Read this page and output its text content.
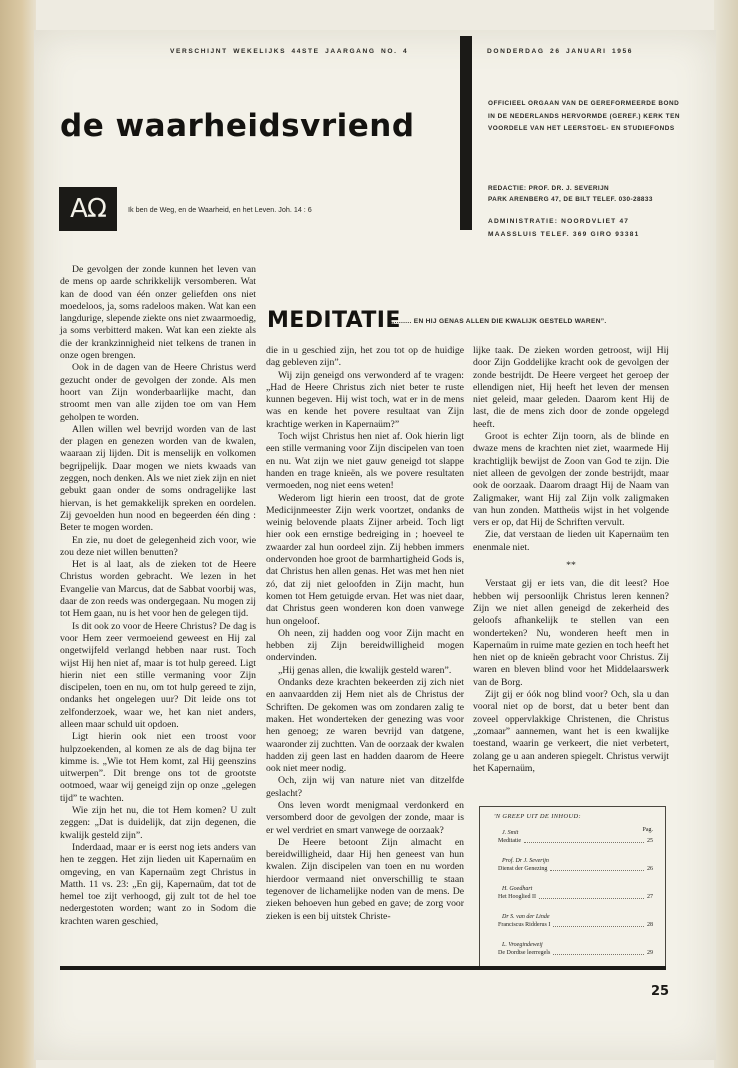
VERSCHIJNT WEKELIJKS 44STE JAARGANG NO. 4	DONDERDAG 26 JANUARI 1956
de waarheidsvriend
OFFICIEEL ORGAAN VAN DE GEREFORMEERDE BOND IN DE NEDERLANDS HERVORMDE (GEREF.) KERK TEN VOORDELE VAN HET LEERSTOEL- EN STUDIEFONDS
REDACTIE: PROF. DR. J. SEVERIJN
PARK ARENBERG 47, DE BILT TELEF. 030-28833
ADMINISTRATIE: NOORDVLIET 47
MAASSLUIS TELEF. 369 GIRO 93381
AΩ	Ik ben de Weg, en de Waarheid, en het Leven. Joh. 14 : 6
MEDITATIE
„........ EN HIJ GENAS ALLEN DIE KWALIJK GESTELD WAREN”.

De gevolgen der zonde kunnen het leven van de mens op aarde schrikkelijk versomberen. Wat kan de dood van één onzer geliefden ons niet moedeloos, ja, soms radeloos maken. Wat kan een langdurige, slepende ziekte ons niet zwaarmoedig, ja soms verbitterd maken. Wat kan een ziekte als die der krankzinnigheid niet telkens de tranen in onze ogen brengen.

Ook in de dagen van de Heere Christus werd gezucht onder de gevolgen der zonde. Als men hoort van Zijn wonderbaarlijke macht, dan stroomt men van alle zijden toe om van Hem geholpen te worden.

Allen willen wel bevrijd worden van de last der plagen en genezen worden van de kwalen, waaraan zij lijden. Dit is menselijk en volkomen begrijpelijk. Daar mogen we niets kwaads van zeggen, noch denken. Als we niet ziek zijn en niet gebukt gaan onder de soms ondragelijke last hiervan, is het gemakkelijk spreken en oordelen. Zij gevoelden hun nood en begeerden één ding : Beter te mogen worden.

En zie, nu doet de gelegenheid zich voor, wie zou deze niet willen benutten?

Het is al laat, als de zieken tot de Heere Christus worden gebracht. We lezen in het Evangelie van Marcus, dat de Sabbat voorbij was, daar de zon reeds was ondergegaan. Nu mogen zij tot Hem gaan, nu is het voor hen de gelegen tijd.

Is dit ook zo voor de Heere Christus? De dag is voor Hem zeer vermoeiend geweest en Hij zal ongetwijfeld verlangd hebben naar rust. Toch wijst Hij hen niet af, maar is tot hulp gereed. Ligt hierin niet een stille vermaning voor Zijn discipelen, toen en nu, om tot hulp gereed te zijn, ondanks het ongelegen uur? Dit leide ons tot zelfonderzoek, waar we, het kan niet anders, alleen maar schuld uit opdoen.

Ligt hierin ook niet een troost voor hulpzoekenden, al komen ze als de dag bijna ter kimme is. „Wie tot Hem komt, zal Hij geenszins uitwerpen”. Dit brenge ons tot de grootste ootmoed, waar wij geneigd zijn op onze „gelegen tijd” te wachten.

Wie zijn het nu, die tot Hem komen? U zult zeggen: „Dat is duidelijk, dat zijn degenen, die kwalijk gesteld zijn”.

Inderdaad, maar er is eerst nog iets anders van hen te zeggen. Het zijn lieden uit Kapernaüm en omgeving, en van Kapernaüm zegt Christus in Matth. 11 vs. 23: „En gij, Kapernaüm, dat tot de hemel toe zijt verhoogd, gij zult tot de hel toe nedergestoten worden; want zo in Sodom die krachten waren geschied,

die in u geschied zijn, het zou tot op de huidige dag gebleven zijn”.

Wij zijn geneigd ons verwonderd af te vragen: „Had de Heere Christus zich niet beter te ruste kunnen begeven. Hij wist toch, wat er in de mens was en kende het povere resultaat van Zijn krachtige werken in Kapernaüm?”

Toch wijst Christus hen niet af. Ook hierin ligt een stille vermaning voor Zijn discipelen van toen en nu. Wat zijn we niet gauw geneigd tot slappe handen en trage knieën, als we povere resultaten vermoeden, nog niet eens weten!

Wederom ligt hierin een troost, dat de grote Medicijnmeester Zijn werk voortzet, ondanks de weinig belovende plaats Zijner arbeid. Toch ligt hier ook een ernstige bedreiging in ; hoeveel te zwaarder zal hun oordeel zijn. Zij hebben immers ondervonden hoe groot de barmhartigheid Gods is, dat Christus hen allen genas. Het was met hen niet zó, dat zij niet geloofden in Zijn macht, hun komen tot Hem getuigde ervan. Het was niet daar, dat Christus geen wonderen kon doen vanwege hun ongeloof.

Oh neen, zij hadden oog voor Zijn macht en hebben zij Zijn bereidwilligheid mogen ondervinden.

„Hij genas allen, die kwalijk gesteld waren”.

Ondanks deze krachten bekeerden zij zich niet en aanvaardden zij Hem niet als de Christus der Schriften. De gekomen was om zondaren zalig te maken. Het wonderteken der genezing was voor hen genoeg; ze waren bevrijd van datgene, waaronder zij zuchtten. Van de oorzaak der kwalen hadden zij geen last en hadden daarom de Heere ook niet meer nodig.

Och, zijn wij van nature niet van ditzelfde geslacht?

Ons leven wordt menigmaal verdonkerd en versomberd door de gevolgen der zonde, maar is er wel verdriet en smart vanwege de oorzaak?

De Heere betoont Zijn almacht en bereidwilligheid, daar Hij hen geneest van hun kwalen. Zijn discipelen van toen en nu worden hierdoor vermaand niet onverschillig te staan tegenover de lichamelijke noden van de mens. De zieken behoeven hun gebed en gave; de zorg voor zieken is een bij uitstek Christe-

lijke taak. De zieken worden getroost, wijl Hij door Zijn Goddelijke kracht ook de gevolgen der zonde bestrijdt. De Heere vergeet het geroep der ellendigen niet, Hij heeft het leven der mensen niet geleid, maar geleden. Daarom kent Hij de last, die de mens zich door de zonde opgelegd heeft.

Groot is echter Zijn toorn, als de blinde en dwaze mens de krachten niet ziet, waarmede Hij krachtiglijk bewijst de Zoon van God te zijn. Die niet alleen de gevolgen der zonde bestrijdt, maar ook de oorzaak. Daarom draagt Hij de Naam van Zaligmaker, want Hij zal Zijn volk zaligmaken van hun zonden. Mattheüs wijst in het volgende vers er op, dat Hij de Schriften vervult.

Zie, dat verstaan de lieden uit Kapernaüm ten enenmale niet.

**

Verstaat gij er iets van, die dit leest? Hoe hebben wij persoonlijk Christus leren kennen? Zijn we niet allen geneigd de zekerheid des geloofs afhankelijk te stellen van een wonderteken? Nu, wonderen heeft men in Kapernaüm in ruime mate gezien en toch heeft het hen niet op de knieën gebracht voor Christus. Zij waren en bleven blind voor het Middelaarswerk van de Borg.

Zijt gij er óók nog blind voor? Och, sla u dan vooral niet op de borst, dat u beter bent dan zoveel oppervlakkige Christenen, die Christus „zomaar” aannemen, want het is een kwalijke toestand, waarin ge verkeert, die niet verbetert, zolang ge u aan anderen spiegelt. Christus verwijt het Kapernaüm,

'N GREEP UIT DE INHOUD:
Pag.
J. Smit
Meditatie	25
Prof. Dr J. Severijn
Dienst der Genezing	26
H. Goedhart
Het Hooglied II	27
Dr S. van der Linde
Franciscus Ridderus I	28
L. Vroegindeweij
De Dordtse leerregels	29
25
